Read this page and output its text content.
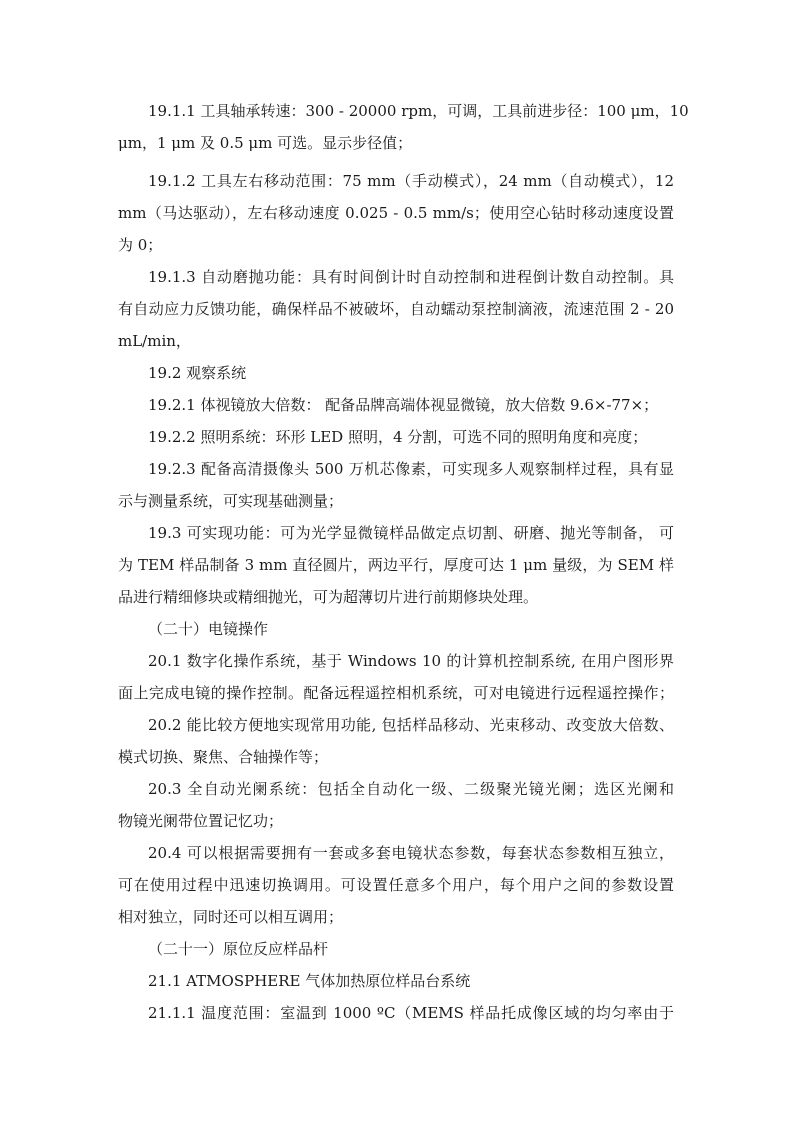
19.1.1 工具轴承转速：300 - 20000 rpm，可调，工具前进步径：100 μm，10
μm，1 μm 及 0.5 μm 可选。显示步径值；
19.1.2 工具左右移动范围：75 mm（手动模式），24 mm（自动模式），12
mm（马达驱动），左右移动速度 0.025 - 0.5 mm/s；使用空心钻时移动速度设置
为 0；
19.1.3 自动磨抛功能：具有时间倒计时自动控制和进程倒计数自动控制。具
有自动应力反馈功能，确保样品不被破坏，自动蠕动泵控制滴液，流速范围 2 - 20
mL/min，
19.2 观察系统
19.2.1 体视镜放大倍数： 配备品牌高端体视显微镜，放大倍数 9.6×-77×；
19.2.2 照明系统：环形 LED 照明，4 分割，可选不同的照明角度和亮度；
19.2.3 配备高清摄像头 500 万机芯像素，可实现多人观察制样过程，具有显
示与测量系统，可实现基础测量；
19.3 可实现功能：可为光学显微镜样品做定点切割、研磨、抛光等制备， 可
为 TEM 样品制备 3 mm 直径圆片，两边平行，厚度可达 1 μm 量级，为 SEM 样
品进行精细修块或精细抛光，可为超薄切片进行前期修块处理。
（二十）电镜操作
20.1 数字化操作系统，基于 Windows 10 的计算机控制系统, 在用户图形界
面上完成电镜的操作控制。配备远程遥控相机系统，可对电镜进行远程遥控操作；
20.2 能比较方便地实现常用功能, 包括样品移动、光束移动、改变放大倍数、
模式切换、聚焦、合轴操作等；
20.3 全自动光阑系统：包括全自动化一级、二级聚光镜光阑；选区光阑和
物镜光阑带位置记忆功；
20.4 可以根据需要拥有一套或多套电镜状态参数，每套状态参数相互独立，
可在使用过程中迅速切换调用。可设置任意多个用户，每个用户之间的参数设置
相对独立，同时还可以相互调用；
（二十一）原位反应样品杆
21.1 ATMOSPHERE 气体加热原位样品台系统
21.1.1 温度范围：室温到 1000 ºC（MEMS 样品托成像区域的均匀率由于
